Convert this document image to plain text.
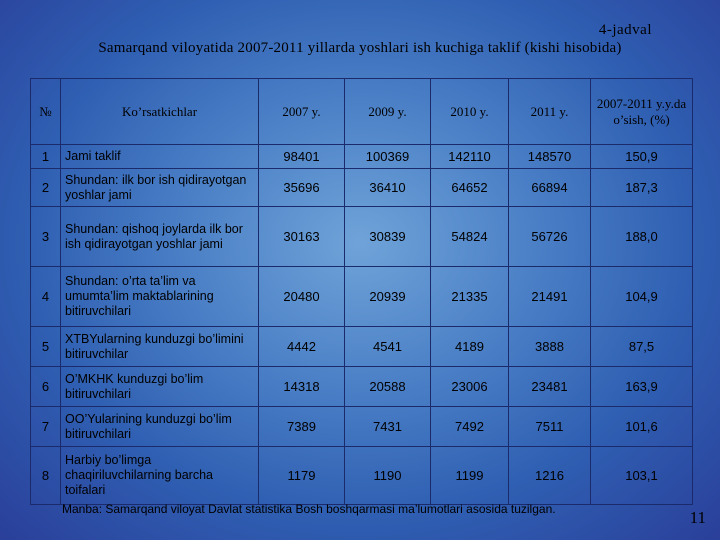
4-jadval
Samarqand viloyatida 2007-2011 yillarda yoshlari ish kuchiga taklif (kishi hisobida)
№	Ko’rsatkichlar	2007 y.	2009 y.	2010 y.	2011 y.	2007-2011 y.y.da o’sish, (%)
1	Jami taklif	98401	100369	142110	148570	150,9
2	Shundan: ilk bor ish qidirayotgan yoshlar jami	35696	36410	64652	66894	187,3
3	Shundan: qishoq joylarda ilk bor ish qidirayotgan yoshlar jami	30163	30839	54824	56726	188,0
4	Shundan: o’rta ta’lim va umumta’lim maktablarining bitiruvchilari	20480	20939	21335	21491	104,9
5	XTBYularning kunduzgi bo’limini bitiruvchilar	4442	4541	4189	3888	87,5
6	O’MKHK kunduzgi bo’lim bitiruvchilari	14318	20588	23006	23481	163,9
7	OO’Yularining kunduzgi bo’lim bitiruvchilari	7389	7431	7492	7511	101,6
8	Harbiy bo’limga chaqiriluvchilarning barcha toifalari	1179	1190	1199	1216	103,1
Manba: Samarqand viloyat Davlat statistika Bosh boshqarmasi ma’lumotlari asosida tuzilgan.	11
